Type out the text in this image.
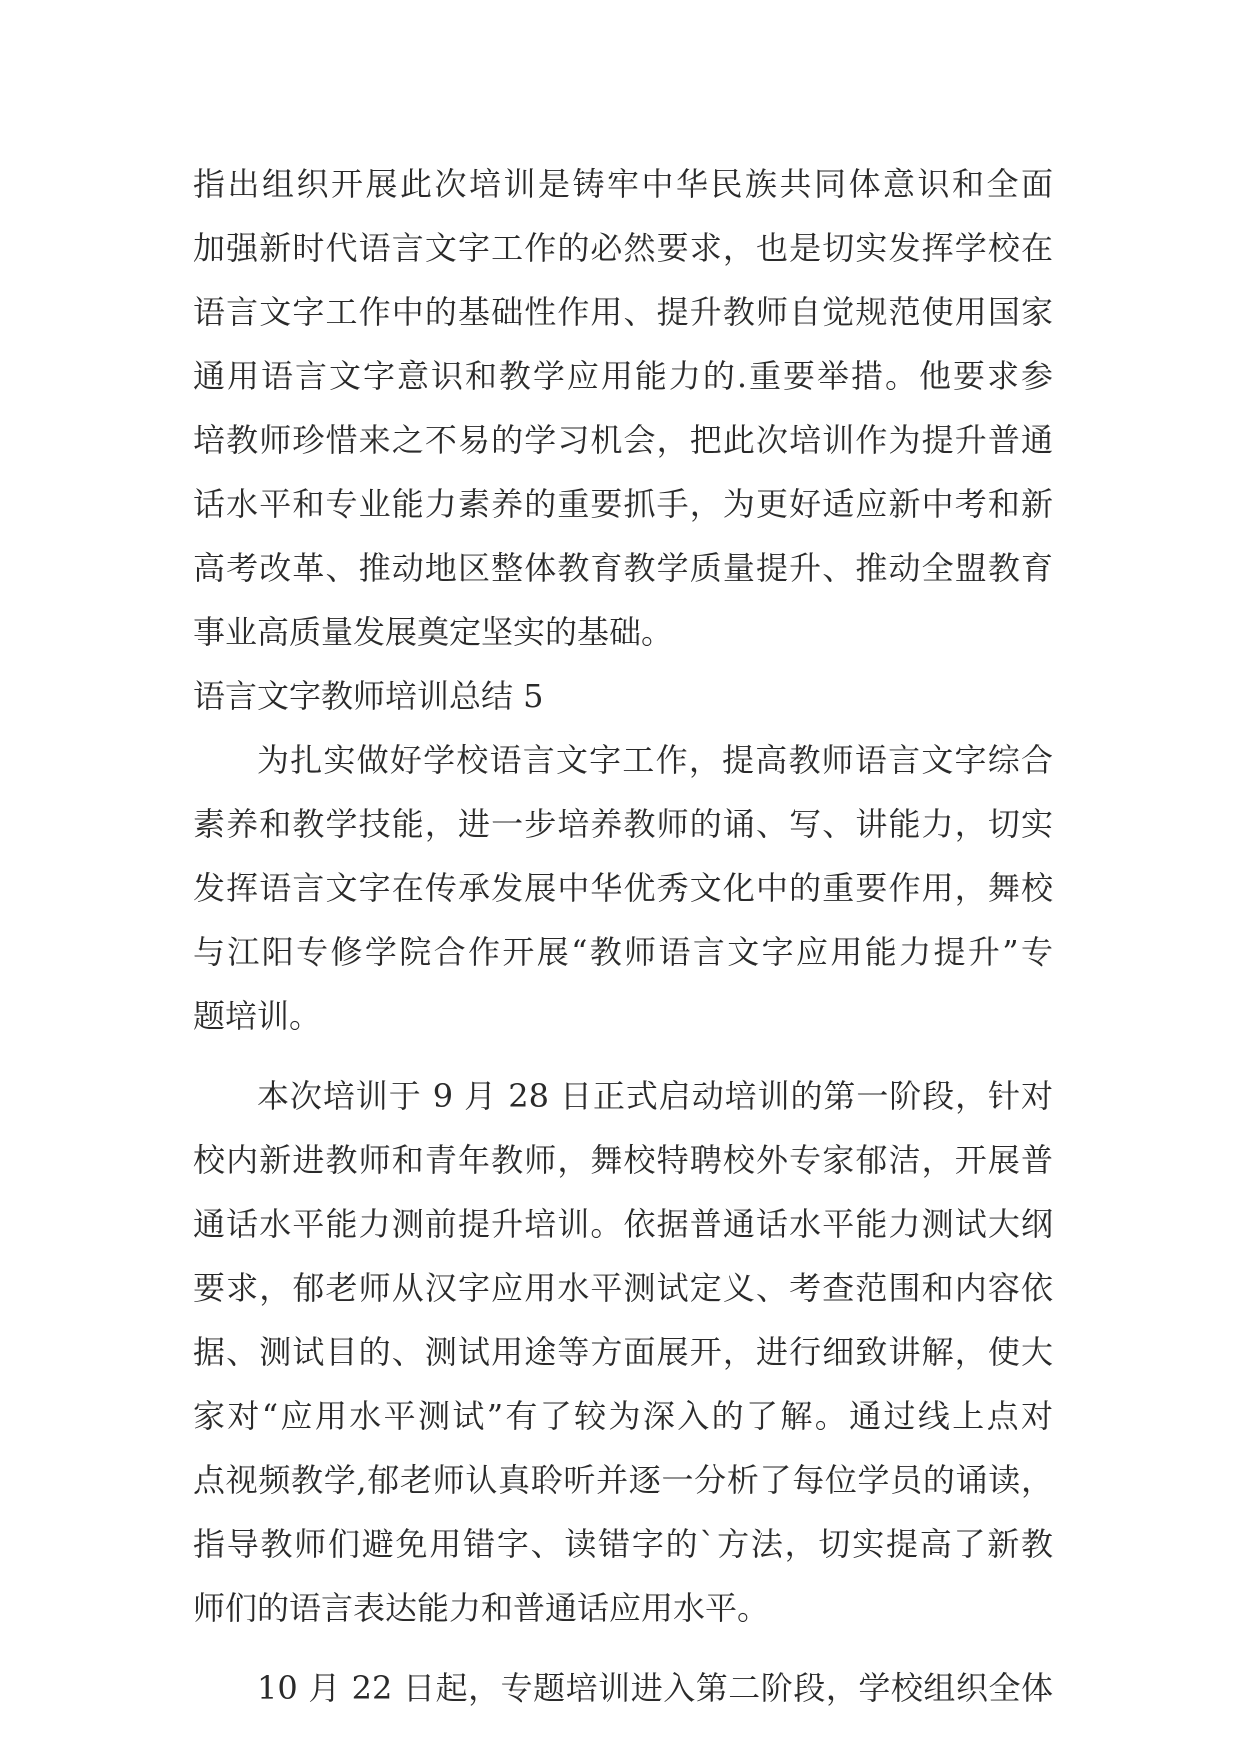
指出组织开展此次培训是铸牢中华民族共同体意识和全面
加强新时代语言文字工作的必然要求，也是切实发挥学校在
语言文字工作中的基础性作用、提升教师自觉规范使用国家
通用语言文字意识和教学应用能力的.重要举措。他要求参
培教师珍惜来之不易的学习机会，把此次培训作为提升普通
话水平和专业能力素养的重要抓手，为更好适应新中考和新
高考改革、推动地区整体教育教学质量提升、推动全盟教育
事业高质量发展奠定坚实的基础。
语言文字教师培训总结 5
为扎实做好学校语言文字工作，提高教师语言文字综合
素养和教学技能，进一步培养教师的诵、写、讲能力，切实
发挥语言文字在传承发展中华优秀文化中的重要作用，舞校
与江阳专修学院合作开展“教师语言文字应用能力提升”专
题培训。
本次培训于 9 月 28 日正式启动培训的第一阶段，针对
校内新进教师和青年教师，舞校特聘校外专家郁洁，开展普
通话水平能力测前提升培训。依据普通话水平能力测试大纲
要求，郁老师从汉字应用水平测试定义、考查范围和内容依
据、测试目的、测试用途等方面展开，进行细致讲解，使大
家对“应用水平测试”有了较为深入的了解。通过线上点对
点视频教学,郁老师认真聆听并逐一分析了每位学员的诵读，
指导教师们避免用错字、读错字的`方法，切实提高了新教
师们的语言表达能力和普通话应用水平。
10 月 22 日起，专题培训进入第二阶段，学校组织全体
